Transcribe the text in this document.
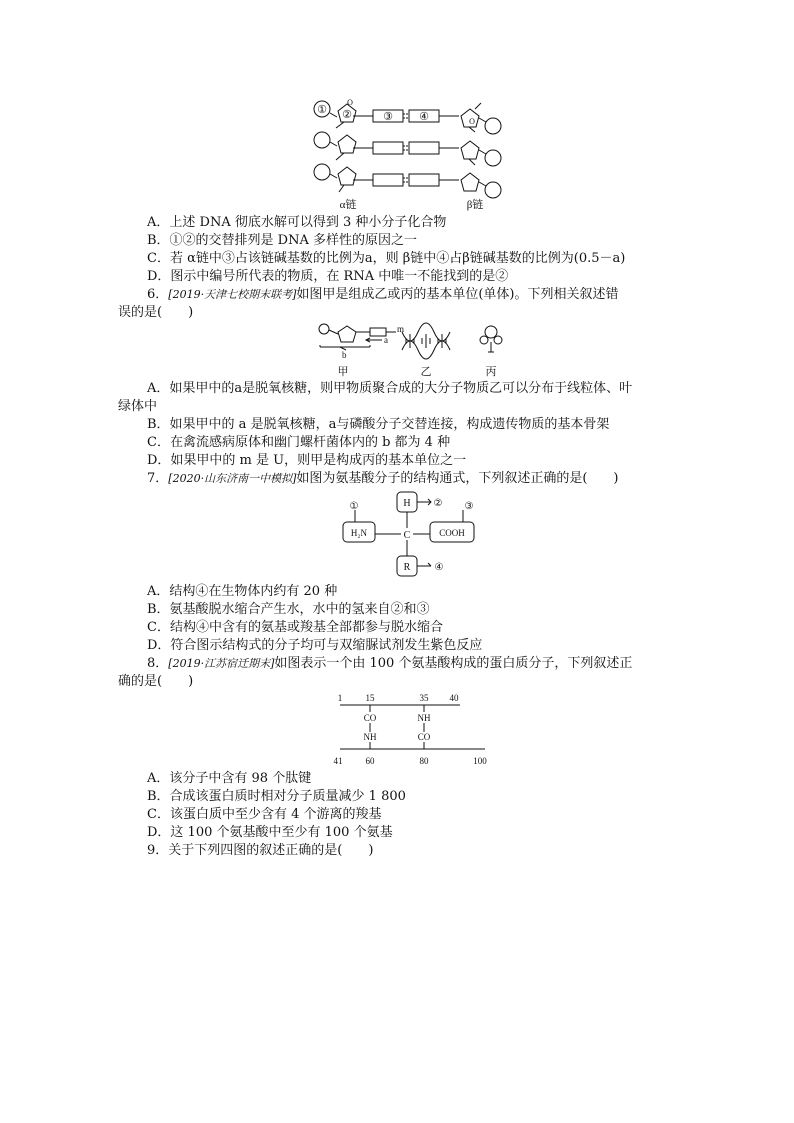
① ②	③ ④
O
O
α链	β链
A．上述 DNA 彻底水解可以得到 3 种小分子化合物
B．①②的交替排列是 DNA 多样性的原因之一
C．若 α链中③占该链碱基数的比例为a，则 β链中④占β链碱基数的比例为(0.5－a)
D．图示中编号所代表的物质，在 RNA 中唯一不能找到的是②
6．[2019·天津七校期末联考]如图甲是组成乙或丙的基本单位(单体)。下列相关叙述错
误的是(　　)
m
a
b
甲	乙	丙
A．如果甲中的a是脱氧核糖，则甲物质聚合成的大分子物质乙可以分布于线粒体、叶
绿体中
B．如果甲中的 a 是脱氧核糖，a与磷酸分子交替连接，构成遗传物质的基本骨架
C．在禽流感病原体和幽门螺杆菌体内的 b 都为 4 种
D．如果甲中的 m 是 U，则甲是构成丙的基本单位之一
7．[2020·山东济南一中模拟]如图为氨基酸分子的结构通式，下列叙述正确的是(　　)
①	② ③
④
H
C
H₂N	COOH
R
A．结构④在生物体内约有 20 种
B．氨基酸脱水缩合产生水，水中的氢来自②和③
C．结构④中含有的氨基或羧基全部都参与脱水缩合
D．符合图示结构式的分子均可与双缩脲试剂发生紫色反应
8．[2019·江苏宿迁期末]如图表示一个由 100 个氨基酸构成的蛋白质分子，下列叙述正
确的是(　　)
1	15	35 40
CO
NH
NH
CO
41	60	80	100
A．该分子中含有 98 个肽键
B．合成该蛋白质时相对分子质量减少 1 800
C．该蛋白质中至少含有 4 个游离的羧基
D．这 100 个氨基酸中至少有 100 个氨基
9．关于下列四图的叙述正确的是(　　)
